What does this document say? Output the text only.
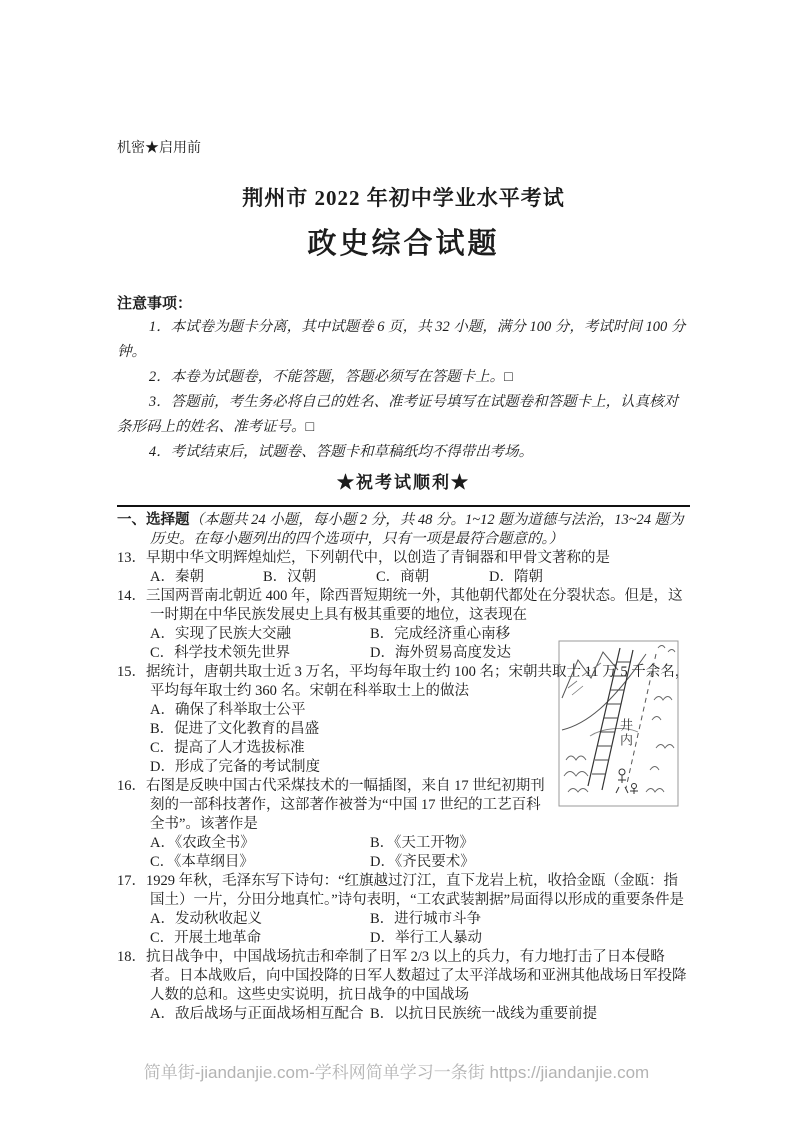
机密★启用前
荆州市 2022 年初中学业水平考试
政史综合试题
注意事项：
1．本试卷为题卡分离，其中试题卷 6 页，共 32 小题，满分 100 分，考试时间 100 分钟。
2．本卷为试题卷，不能答题，答题必须写在答题卡上。□
3．答题前，考生务必将自己的姓名、准考证号填写在试题卷和答题卡上，认真核对条形码上的姓名、准考证号。□
4．考试结束后，试题卷、答题卡和草稿纸均不得带出考场。
★祝考试顺利★
一、选择题（本题共 24 小题，每小题 2 分，共 48 分。1~12 题为道德与法治，13~24 题为历史。在每小题列出的四个选项中，只有一项是最符合题意的。）
13．早期中华文明辉煌灿烂，下列朝代中，以创造了青铜器和甲骨文著称的是
A．秦朝	B．汉朝	C．商朝	D．隋朝
14．三国两晋南北朝近 400 年，除西晋短期统一外，其他朝代都处在分裂状态。但是，这一时期在中华民族发展史上具有极其重要的地位，这表现在
A．实现了民族大交融	B．完成经济重心南移
C．科学技术领先世界	D．海外贸易高度发达
15．据统计，唐朝共取士近 3 万名，平均每年取士约 100 名；宋朝共取士 11 万 5 千余名，平均每年取士约 360 名。宋朝在科举取士上的做法
A．确保了科举取士公平
B．促进了文化教育的昌盛
C．提高了人才选拔标准
D．形成了完备的考试制度
16．右图是反映中国古代采煤技术的一幅插图，来自 17 世纪初期刊刻的一部科技著作，这部著作被誉为“中国 17 世纪的工艺百科全书”。该著作是
A．《农政全书》	B．《天工开物》
C．《本草纲目》	D．《齐民要术》
17．1929 年秋，毛泽东写下诗句：“红旗越过汀江，直下龙岩上杭，收拾金瓯（金瓯：指国土）一片，分田分地真忙。”诗句表明，“工农武装割据”局面得以形成的重要条件是
A．发动秋收起义	B．进行城市斗争
C．开展土地革命	D．举行工人暴动
18．抗日战争中，中国战场抗击和牵制了日军 2/3 以上的兵力，有力地打击了日本侵略者。日本战败后，向中国投降的日军人数超过了太平洋战场和亚洲其他战场日军投降人数的总和。这些史实说明，抗日战争的中国战场
A．敌后战场与正面战场相互配合 B．以抗日民族统一战线为重要前提
井内
简单街-jiandanjie.com-学科网简单学习一条街 https://jiandanjie.com
